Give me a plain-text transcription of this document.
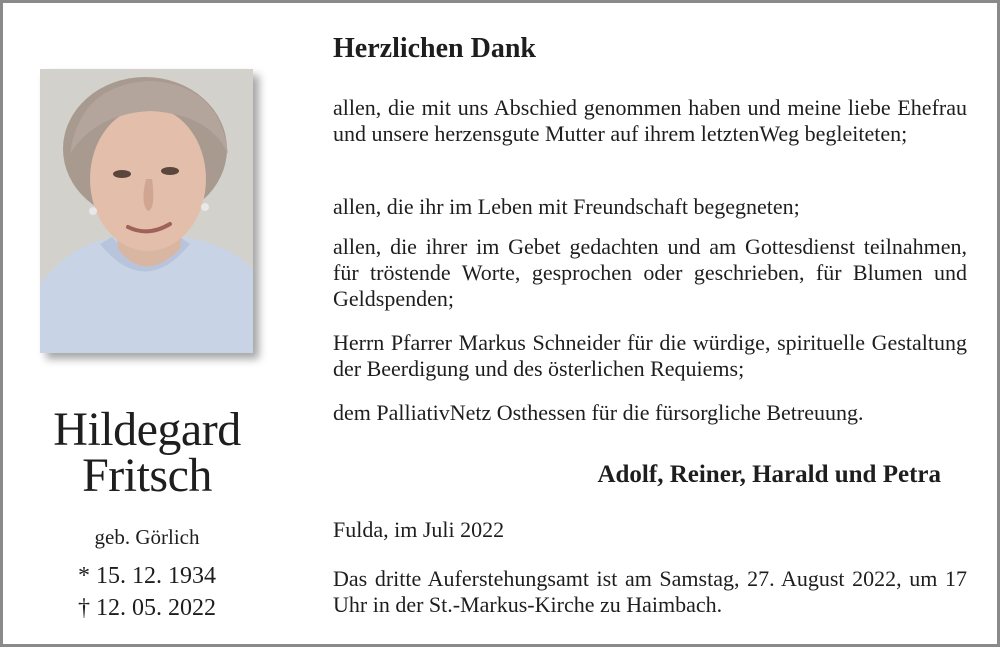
Hildegard
Fritsch
geb. Görlich
* 15. 12. 1934
† 12. 05. 2022
Herzlichen Dank
allen, die mit uns Abschied genommen haben und meine liebe Ehefrau und unsere herzensgute Mutter auf ihrem letztenWeg begleiteten;
allen, die ihr im Leben mit Freundschaft begegneten;
allen, die ihrer im Gebet gedachten und am Gottesdienst teilnahmen, für tröstende Worte, gesprochen oder geschrieben, für Blumen und Geldspenden;
Herrn Pfarrer Markus Schneider für die würdige, spirituelle Gestaltung der Beerdigung und des österlichen Requiems;
dem PalliativNetz Osthessen für die fürsorgliche Betreuung.
Adolf, Reiner, Harald und Petra
Fulda, im Juli 2022
Das dritte Auferstehungsamt ist am Samstag, 27. August 2022, um 17 Uhr in der St.-Markus-Kirche zu Haimbach.
